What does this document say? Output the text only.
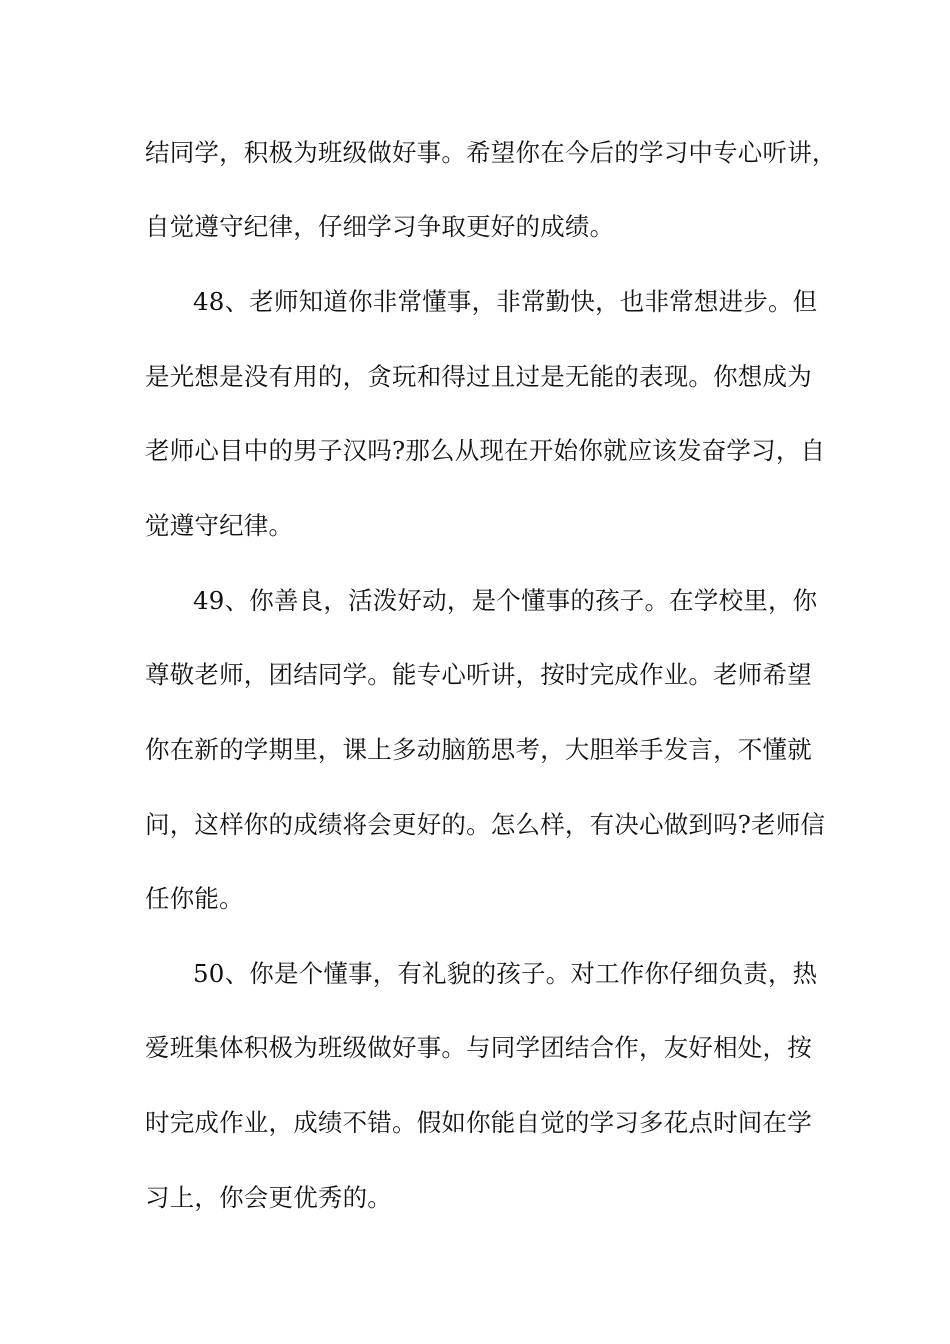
结同学，积极为班级做好事。希望你在今后的学习中专心听讲，
自觉遵守纪律，仔细学习争取更好的成绩。
48、老师知道你非常懂事，非常勤快，也非常想进步。但
是光想是没有用的，贪玩和得过且过是无能的表现。你想成为
老师心目中的男子汉吗?那么从现在开始你就应该发奋学习，自
觉遵守纪律。
49、你善良，活泼好动，是个懂事的孩子。在学校里，你
尊敬老师，团结同学。能专心听讲，按时完成作业。老师希望
你在新的学期里，课上多动脑筋思考，大胆举手发言，不懂就
问，这样你的成绩将会更好的。怎么样，有决心做到吗?老师信
任你能。
50、你是个懂事，有礼貌的孩子。对工作你仔细负责，热
爱班集体积极为班级做好事。与同学团结合作，友好相处，按
时完成作业，成绩不错。假如你能自觉的学习多花点时间在学
习上，你会更优秀的。
